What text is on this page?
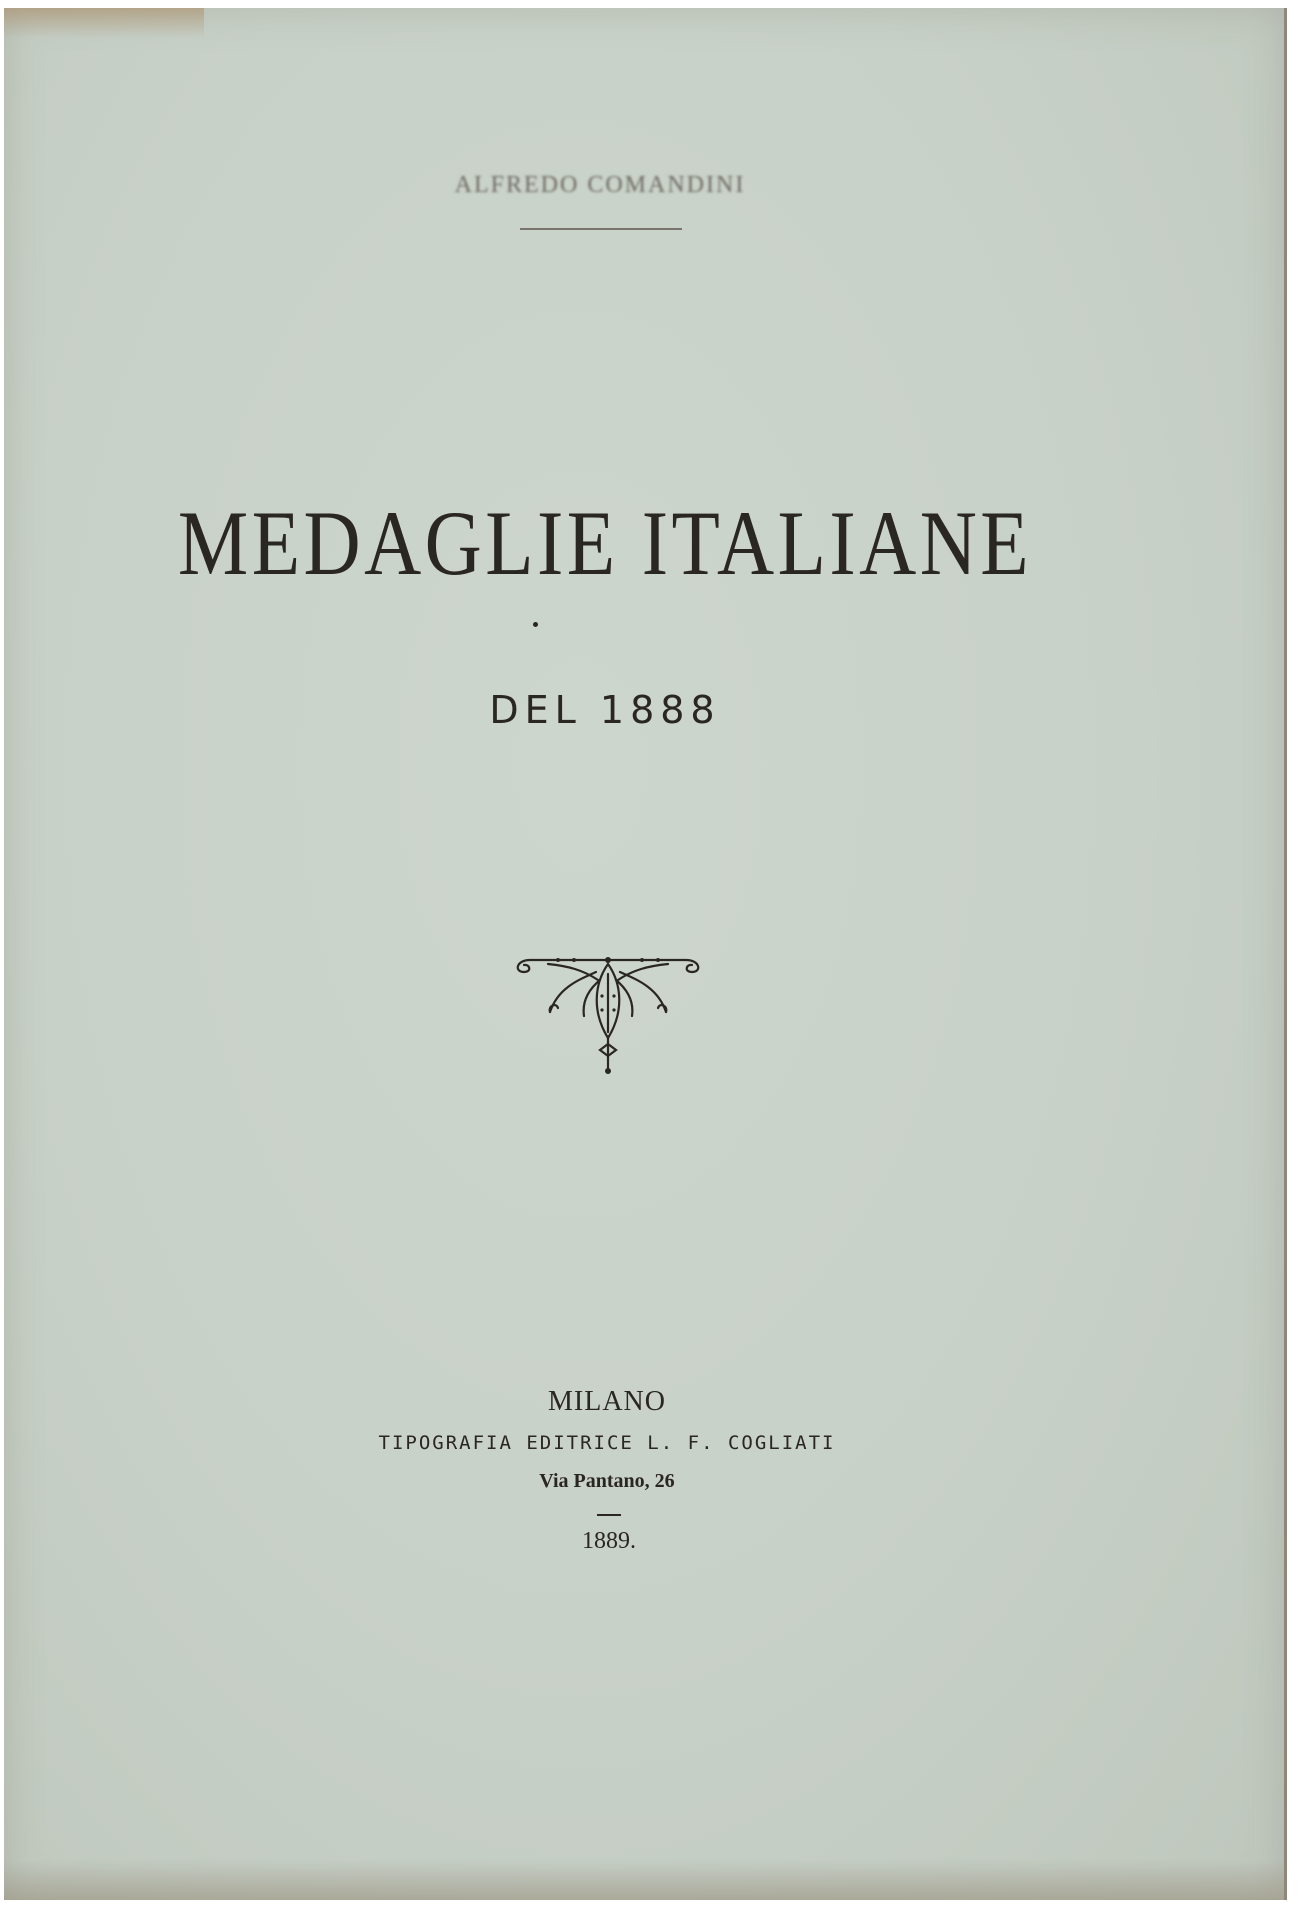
ALFREDO COMANDINI
MEDAGLIE ITALIANE
DEL 1888
MILANO
TIPOGRAFIA EDITRICE L. F. COGLIATI
Via Pantano, 26
1889.
